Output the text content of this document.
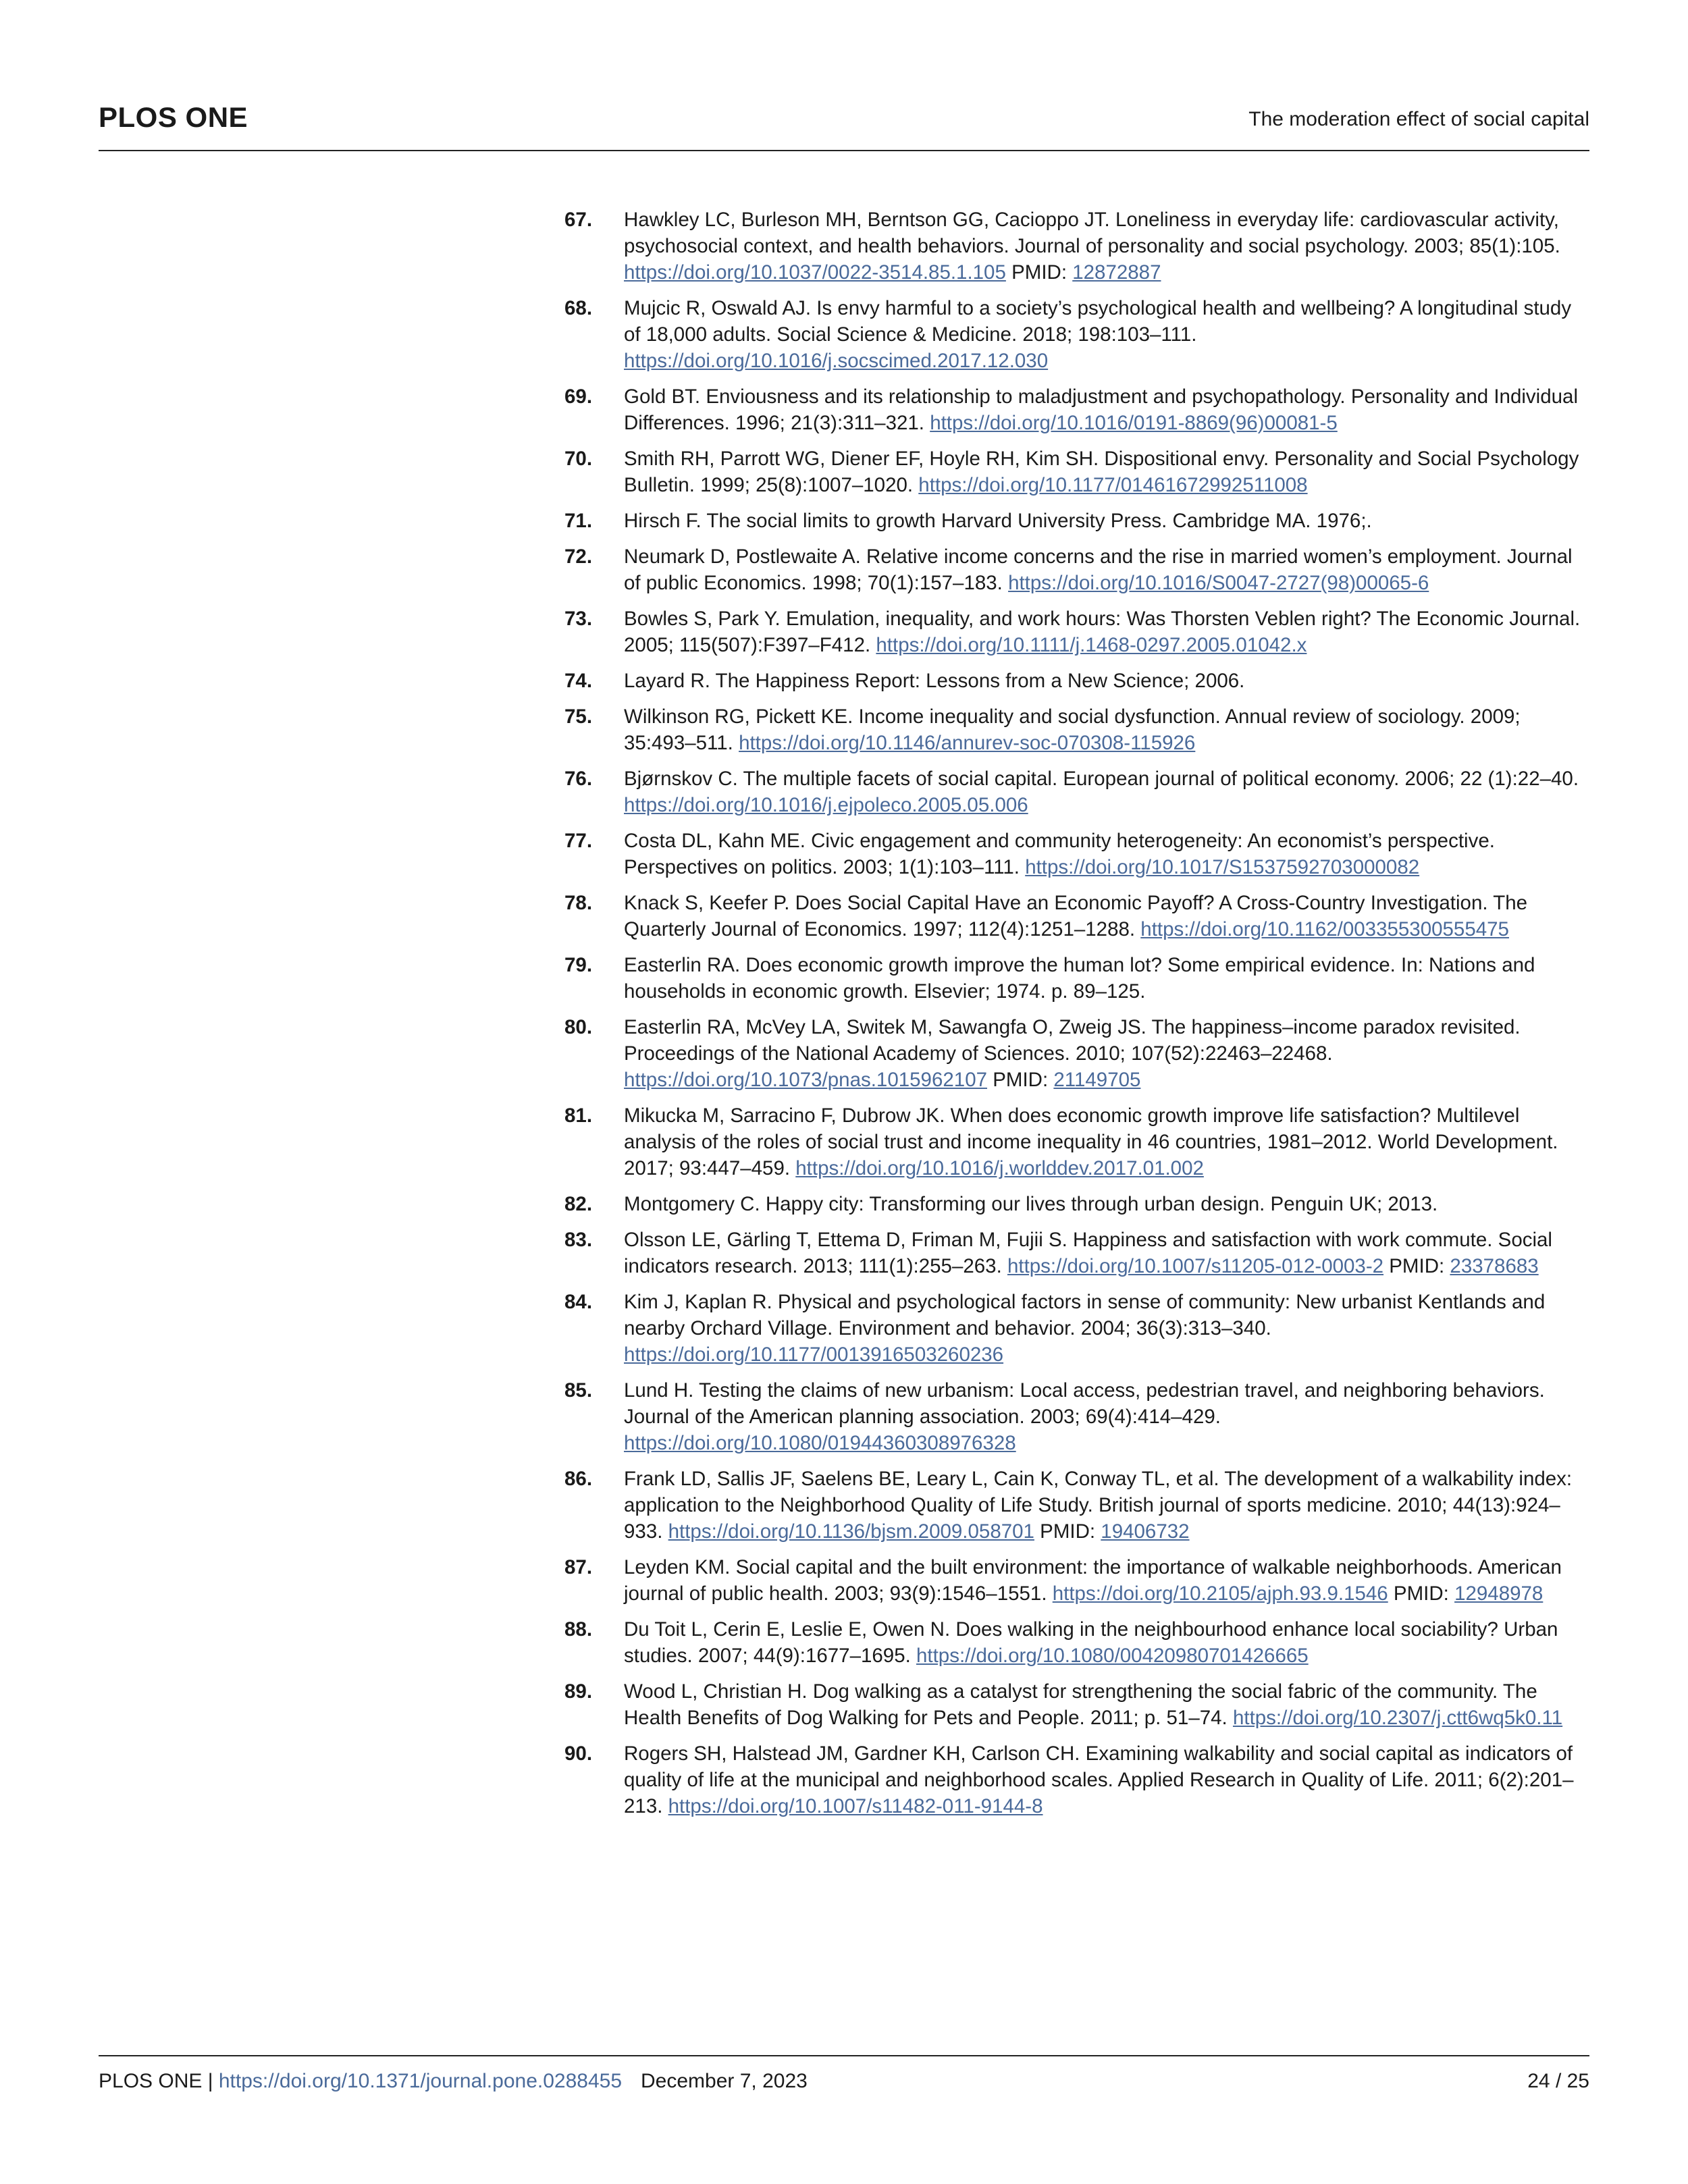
PLOS ONE	The moderation effect of social capital
67. Hawkley LC, Burleson MH, Berntson GG, Cacioppo JT. Loneliness in everyday life: cardiovascular activity, psychosocial context, and health behaviors. Journal of personality and social psychology. 2003; 85(1):105. https://doi.org/10.1037/0022-3514.85.1.105 PMID: 12872887
68. Mujcic R, Oswald AJ. Is envy harmful to a society’s psychological health and wellbeing? A longitudinal study of 18,000 adults. Social Science & Medicine. 2018; 198:103–111. https://doi.org/10.1016/j.socscimed.2017.12.030
69. Gold BT. Enviousness and its relationship to maladjustment and psychopathology. Personality and Individual Differences. 1996; 21(3):311–321. https://doi.org/10.1016/0191-8869(96)00081-5
70. Smith RH, Parrott WG, Diener EF, Hoyle RH, Kim SH. Dispositional envy. Personality and Social Psychology Bulletin. 1999; 25(8):1007–1020. https://doi.org/10.1177/01461672992511008
71. Hirsch F. The social limits to growth Harvard University Press. Cambridge MA. 1976;.
72. Neumark D, Postlewaite A. Relative income concerns and the rise in married women’s employment. Journal of public Economics. 1998; 70(1):157–183. https://doi.org/10.1016/S0047-2727(98)00065-6
73. Bowles S, Park Y. Emulation, inequality, and work hours: Was Thorsten Veblen right? The Economic Journal. 2005; 115(507):F397–F412. https://doi.org/10.1111/j.1468-0297.2005.01042.x
74. Layard R. The Happiness Report: Lessons from a New Science; 2006.
75. Wilkinson RG, Pickett KE. Income inequality and social dysfunction. Annual review of sociology. 2009; 35:493–511. https://doi.org/10.1146/annurev-soc-070308-115926
76. Bjørnskov C. The multiple facets of social capital. European journal of political economy. 2006; 22 (1):22–40. https://doi.org/10.1016/j.ejpoleco.2005.05.006
77. Costa DL, Kahn ME. Civic engagement and community heterogeneity: An economist’s perspective. Perspectives on politics. 2003; 1(1):103–111. https://doi.org/10.1017/S1537592703000082
78. Knack S, Keefer P. Does Social Capital Have an Economic Payoff? A Cross-Country Investigation. The Quarterly Journal of Economics. 1997; 112(4):1251–1288. https://doi.org/10.1162/003355300555475
79. Easterlin RA. Does economic growth improve the human lot? Some empirical evidence. In: Nations and households in economic growth. Elsevier; 1974. p. 89–125.
80. Easterlin RA, McVey LA, Switek M, Sawangfa O, Zweig JS. The happiness–income paradox revisited. Proceedings of the National Academy of Sciences. 2010; 107(52):22463–22468. https://doi.org/10.1073/pnas.1015962107 PMID: 21149705
81. Mikucka M, Sarracino F, Dubrow JK. When does economic growth improve life satisfaction? Multilevel analysis of the roles of social trust and income inequality in 46 countries, 1981–2012. World Development. 2017; 93:447–459. https://doi.org/10.1016/j.worlddev.2017.01.002
82. Montgomery C. Happy city: Transforming our lives through urban design. Penguin UK; 2013.
83. Olsson LE, Gärling T, Ettema D, Friman M, Fujii S. Happiness and satisfaction with work commute. Social indicators research. 2013; 111(1):255–263. https://doi.org/10.1007/s11205-012-0003-2 PMID: 23378683
84. Kim J, Kaplan R. Physical and psychological factors in sense of community: New urbanist Kentlands and nearby Orchard Village. Environment and behavior. 2004; 36(3):313–340. https://doi.org/10.1177/0013916503260236
85. Lund H. Testing the claims of new urbanism: Local access, pedestrian travel, and neighboring behaviors. Journal of the American planning association. 2003; 69(4):414–429. https://doi.org/10.1080/01944360308976328
86. Frank LD, Sallis JF, Saelens BE, Leary L, Cain K, Conway TL, et al. The development of a walkability index: application to the Neighborhood Quality of Life Study. British journal of sports medicine. 2010; 44(13):924–933. https://doi.org/10.1136/bjsm.2009.058701 PMID: 19406732
87. Leyden KM. Social capital and the built environment: the importance of walkable neighborhoods. American journal of public health. 2003; 93(9):1546–1551. https://doi.org/10.2105/ajph.93.9.1546 PMID: 12948978
88. Du Toit L, Cerin E, Leslie E, Owen N. Does walking in the neighbourhood enhance local sociability? Urban studies. 2007; 44(9):1677–1695. https://doi.org/10.1080/00420980701426665
89. Wood L, Christian H. Dog walking as a catalyst for strengthening the social fabric of the community. The Health Benefits of Dog Walking for Pets and People. 2011; p. 51–74. https://doi.org/10.2307/j.ctt6wq5k0.11
90. Rogers SH, Halstead JM, Gardner KH, Carlson CH. Examining walkability and social capital as indicators of quality of life at the municipal and neighborhood scales. Applied Research in Quality of Life. 2011; 6(2):201–213. https://doi.org/10.1007/s11482-011-9144-8
PLOS ONE | https://doi.org/10.1371/journal.pone.0288455 December 7, 2023	24 / 25
